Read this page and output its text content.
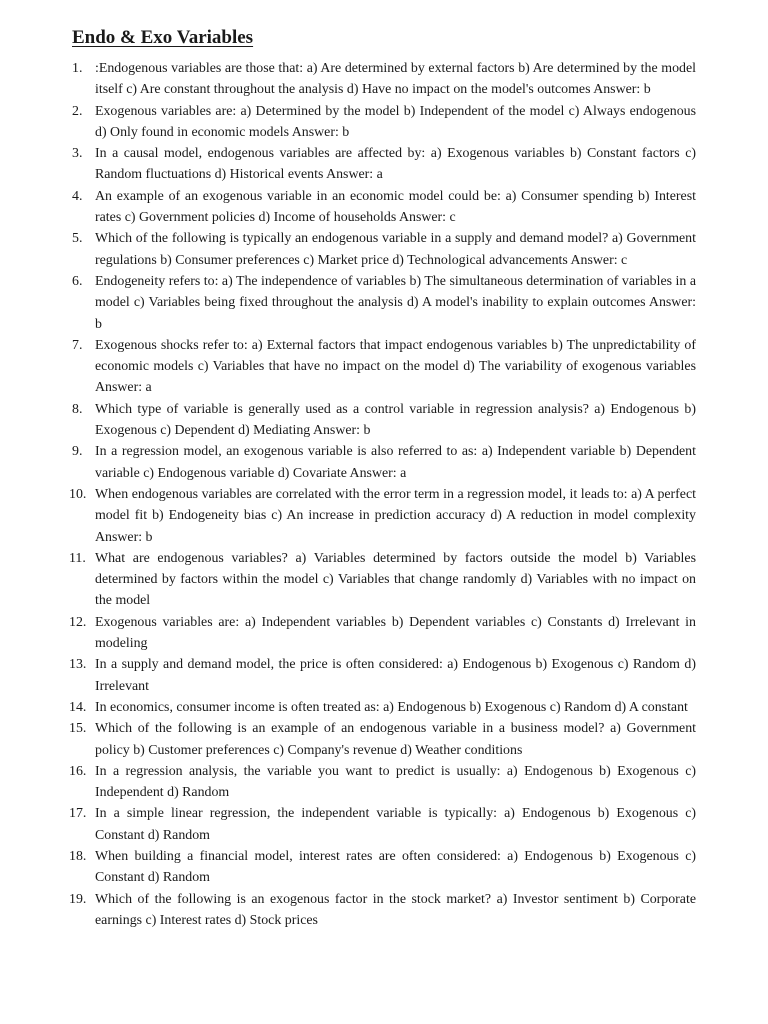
Endo & Exo Variables
1. :Endogenous variables are those that: a) Are determined by external factors b) Are determined by the model itself c) Are constant throughout the analysis d) Have no impact on the model's outcomes Answer: b
2. Exogenous variables are: a) Determined by the model b) Independent of the model c) Always endogenous d) Only found in economic models Answer: b
3. In a causal model, endogenous variables are affected by: a) Exogenous variables b) Constant factors c) Random fluctuations d) Historical events Answer: a
4. An example of an exogenous variable in an economic model could be: a) Consumer spending b) Interest rates c) Government policies d) Income of households Answer: c
5. Which of the following is typically an endogenous variable in a supply and demand model? a) Government regulations b) Consumer preferences c) Market price d) Technological advancements Answer: c
6. Endogeneity refers to: a) The independence of variables b) The simultaneous determination of variables in a model c) Variables being fixed throughout the analysis d) A model's inability to explain outcomes Answer: b
7. Exogenous shocks refer to: a) External factors that impact endogenous variables b) The unpredictability of economic models c) Variables that have no impact on the model d) The variability of exogenous variables Answer: a
8. Which type of variable is generally used as a control variable in regression analysis? a) Endogenous b) Exogenous c) Dependent d) Mediating Answer: b
9. In a regression model, an exogenous variable is also referred to as: a) Independent variable b) Dependent variable c) Endogenous variable d) Covariate Answer: a
10. When endogenous variables are correlated with the error term in a regression model, it leads to: a) A perfect model fit b) Endogeneity bias c) An increase in prediction accuracy d) A reduction in model complexity Answer: b
11. What are endogenous variables? a) Variables determined by factors outside the model b) Variables determined by factors within the model c) Variables that change randomly d) Variables with no impact on the model
12. Exogenous variables are: a) Independent variables b) Dependent variables c) Constants d) Irrelevant in modeling
13. In a supply and demand model, the price is often considered: a) Endogenous b) Exogenous c) Random d) Irrelevant
14. In economics, consumer income is often treated as: a) Endogenous b) Exogenous c) Random d) A constant
15. Which of the following is an example of an endogenous variable in a business model? a) Government policy b) Customer preferences c) Company's revenue d) Weather conditions
16. In a regression analysis, the variable you want to predict is usually: a) Endogenous b) Exogenous c) Independent d) Random
17. In a simple linear regression, the independent variable is typically: a) Endogenous b) Exogenous c) Constant d) Random
18. When building a financial model, interest rates are often considered: a) Endogenous b) Exogenous c) Constant d) Random
19. Which of the following is an exogenous factor in the stock market? a) Investor sentiment b) Corporate earnings c) Interest rates d) Stock prices
